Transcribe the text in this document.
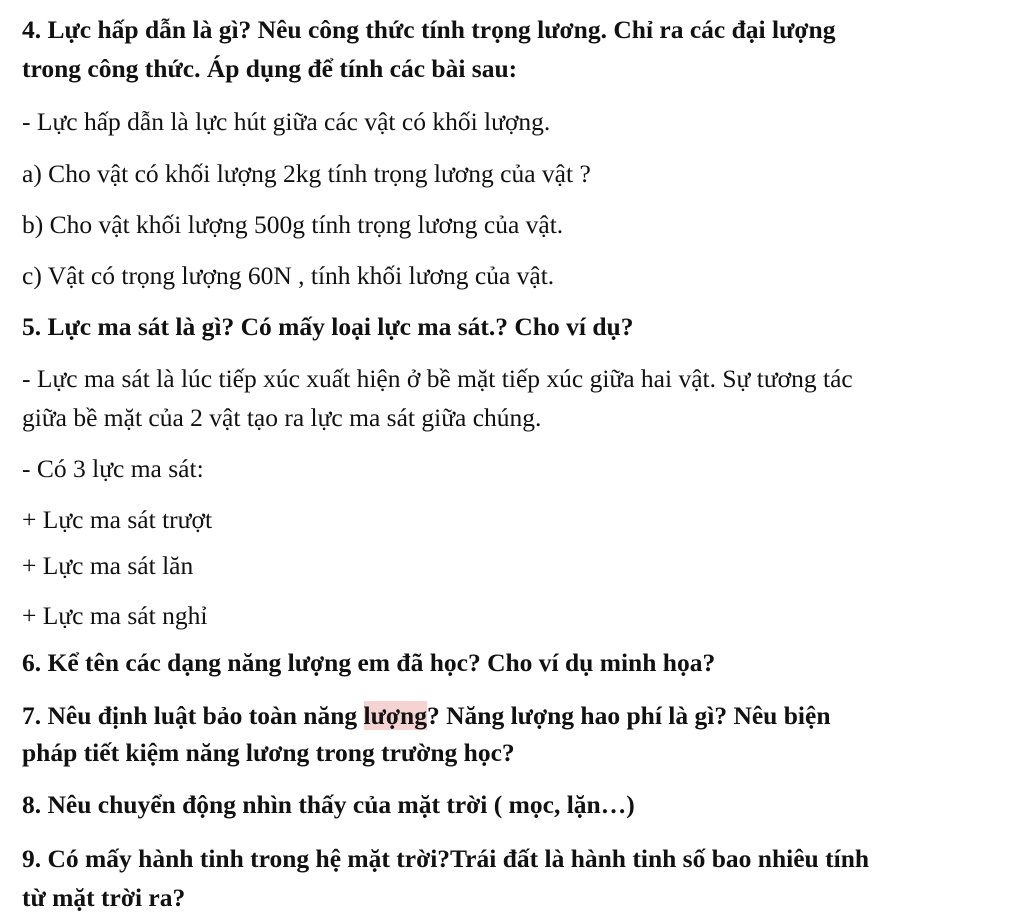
4. Lực hấp dẫn là gì? Nêu công thức tính trọng lương. Chỉ ra các đại lượng
trong công thức. Áp dụng để tính các bài sau:
- Lực hấp dẫn là lực hút giữa các vật có khối lượng.
a) Cho vật có khối lượng 2kg tính trọng lương của vật ?
b) Cho vật khối lượng 500g tính trọng lương của vật.
c) Vật có trọng lượng 60N , tính khối lương của vật.
5. Lực ma sát là gì? Có mấy loại lực ma sát.? Cho ví dụ?
- Lực ma sát là lúc tiếp xúc xuất hiện ở bề mặt tiếp xúc giữa hai vật. Sự tương tác
giữa bề mặt của 2 vật tạo ra lực ma sát giữa chúng.
- Có 3 lực ma sát:
+ Lực ma sát trượt
+ Lực ma sát lăn
+ Lực ma sát nghỉ
6. Kể tên các dạng năng lượng em đã học? Cho ví dụ minh họa?
7. Nêu định luật bảo toàn năng lượng? Năng lượng hao phí là gì? Nêu biện
pháp tiết kiệm năng lương trong trường học?
8. Nêu chuyển động nhìn thấy của mặt trời ( mọc, lặn…)
9. Có mấy hành tinh trong hệ mặt trời?Trái đất là hành tinh số bao nhiêu tính
từ mặt trời ra?
